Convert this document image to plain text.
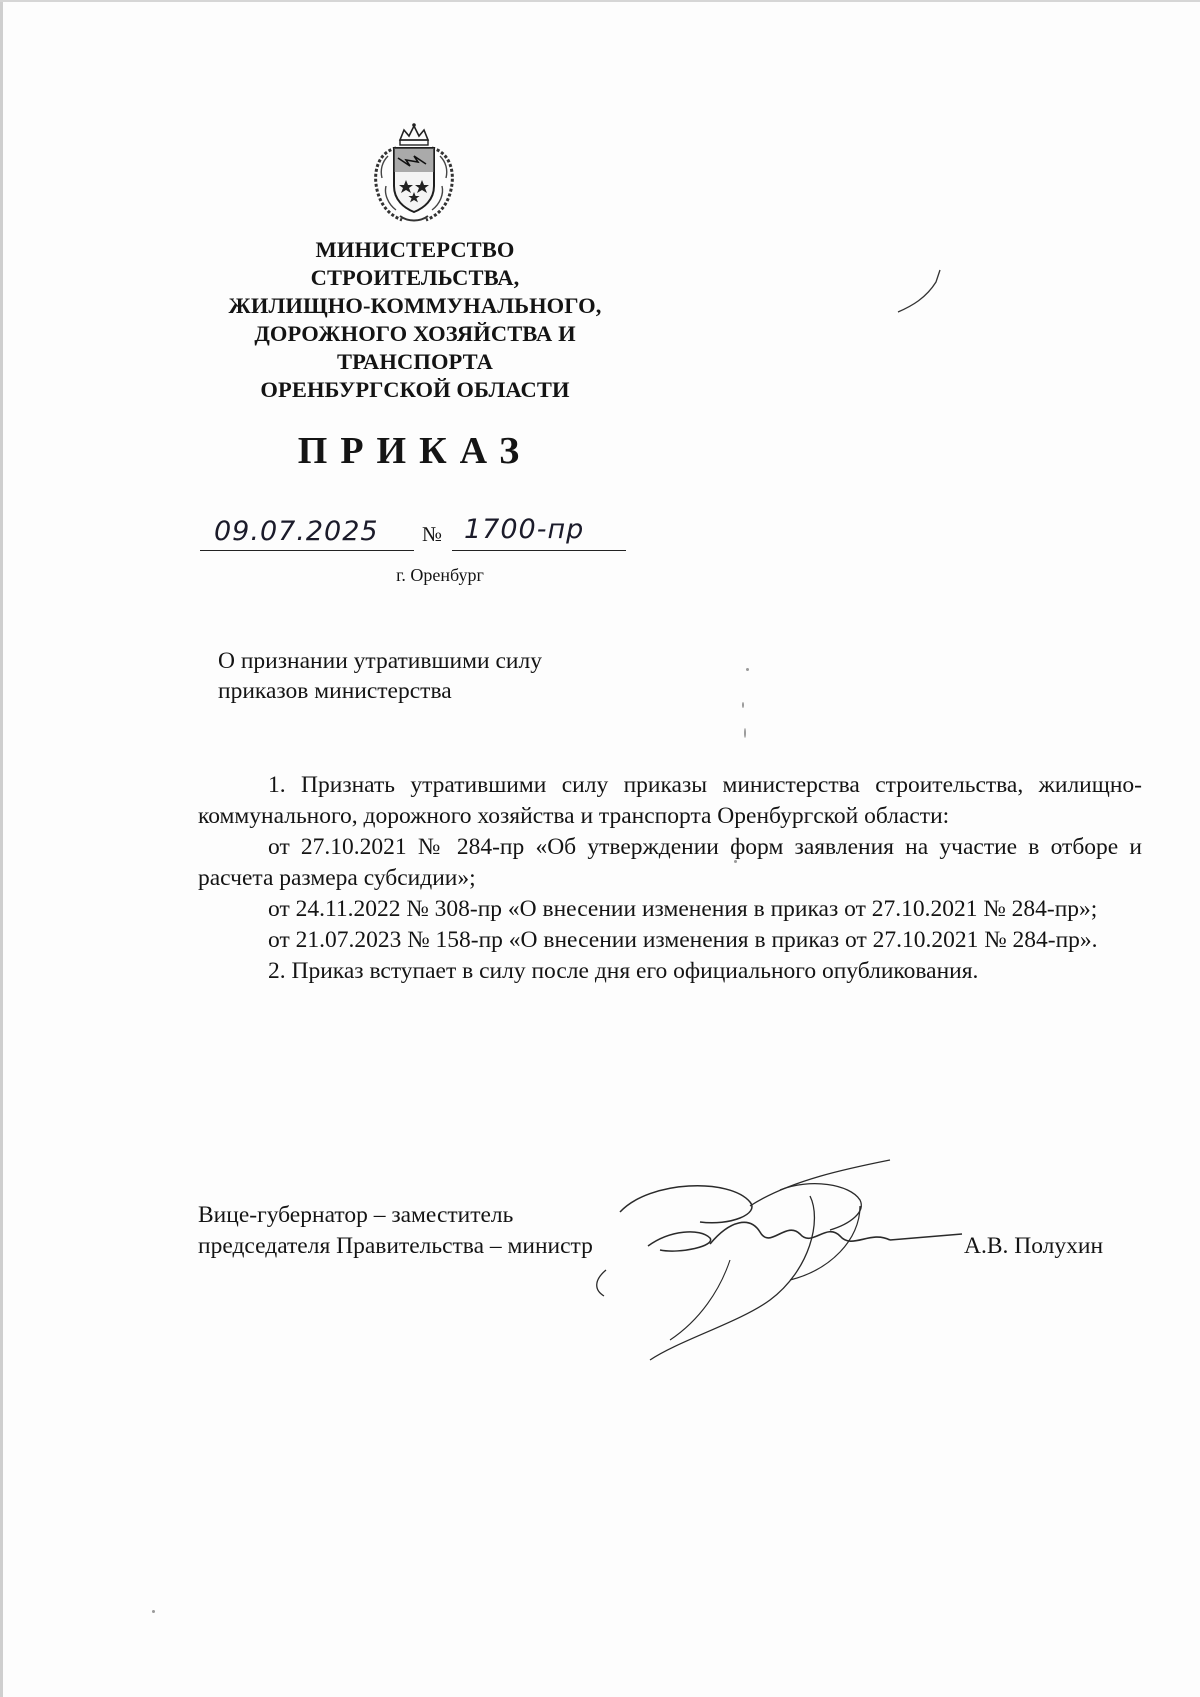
МИНИСТЕРСТВО
СТРОИТЕЛЬСТВА,
ЖИЛИЩНО-КОММУНАЛЬНОГО,
ДОРОЖНОГО ХОЗЯЙСТВА И
ТРАНСПОРТА
ОРЕНБУРГСКОЙ ОБЛАСТИ
ПРИКАЗ
09.07.2025 № 1700-пр
г. Оренбург
О признании утратившими силу
приказов министерства

1. Признать утратившими силу приказы министерства строительства, жилищно-коммунального, дорожного хозяйства и транспорта Оренбургской области:

от 27.10.2021 № 284-пр «Об утверждении форм заявления на участие в отборе и расчета размера субсидии»;

от 24.11.2022 № 308-пр «О внесении изменения в приказ от 27.10.2021 № 284-пр»;

от 21.07.2023 № 158-пр «О внесении изменения в приказ от 27.10.2021 № 284-пр».

2. Приказ вступает в силу после дня его официального опубликования.

Вице-губернатор – заместитель
председателя Правительства – министр	А.В. Полухин
